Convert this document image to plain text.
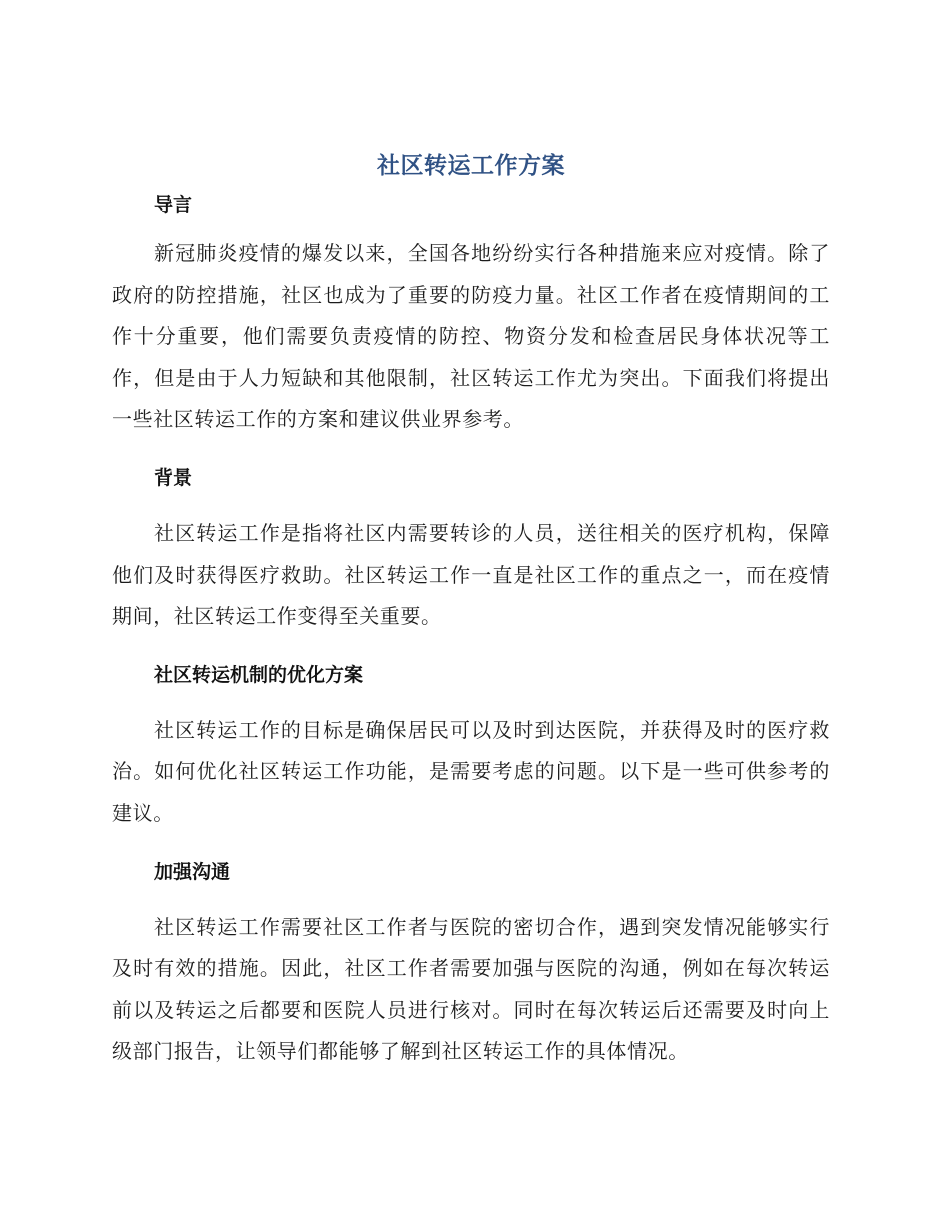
社区转运工作方案
导言

新冠肺炎疫情的爆发以来，全国各地纷纷实行各种措施来应对疫情。除了政府的防控措施，社区也成为了重要的防疫力量。社区工作者在疫情期间的工作十分重要，他们需要负责疫情的防控、物资分发和检查居民身体状况等工作，但是由于人力短缺和其他限制，社区转运工作尤为突出。下面我们将提出一些社区转运工作的方案和建议供业界参考。

背景

社区转运工作是指将社区内需要转诊的人员，送往相关的医疗机构，保障他们及时获得医疗救助。社区转运工作一直是社区工作的重点之一，而在疫情期间，社区转运工作变得至关重要。

社区转运机制的优化方案

社区转运工作的目标是确保居民可以及时到达医院，并获得及时的医疗救治。如何优化社区转运工作功能，是需要考虑的问题。以下是一些可供参考的建议。

加强沟通

社区转运工作需要社区工作者与医院的密切合作，遇到突发情况能够实行及时有效的措施。因此，社区工作者需要加强与医院的沟通，例如在每次转运前以及转运之后都要和医院人员进行核对。同时在每次转运后还需要及时向上级部门报告，让领导们都能够了解到社区转运工作的具体情况。
